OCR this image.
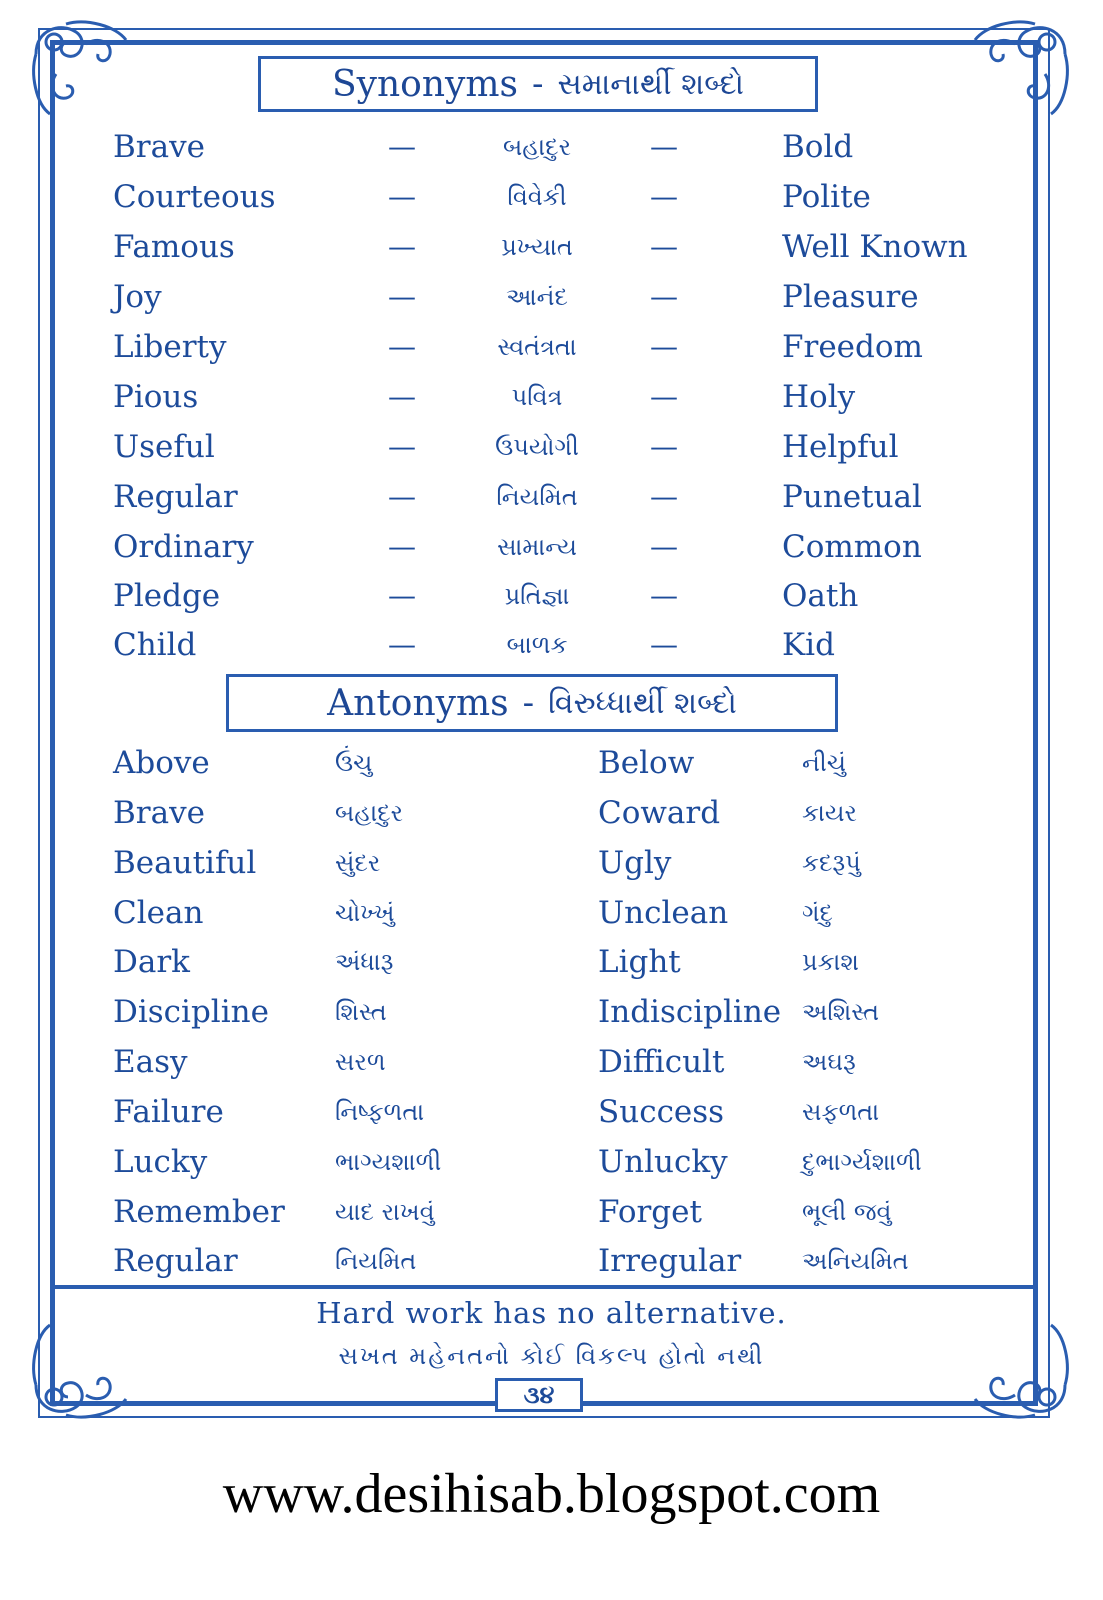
Synonyms - સમાનાર્થી શબ્દો
Brave	—	બહાદુર	—	Bold
Courteous	—	વિવેકી	—	Polite
Famous	—	પ્રખ્યાત	—	Well Known
Joy	—	આનંદ	—	Pleasure
Liberty	—	સ્વતંત્રતા	—	Freedom
Pious	—	પવિત્ર	—	Holy
Useful	—	ઉપયોગી	—	Helpful
Regular	—	નિયમિત	—	Punetual
Ordinary	—	સામાન્ય	—	Common
Pledge	—	પ્રતિજ્ઞા	—	Oath
Child	—	બાળક	—	Kid
Antonyms - વિરુધ્ધાર્થી શબ્દો
Above	ઉંચુ	Below	નીચું
Brave	બહાદુર	Coward	કાયર
Beautiful	સુંદર	Ugly	કદરૂપું
Clean	ચોખ્ખું	Unclean	ગંદુ
Dark	અંધારૂ	Light	પ્રકાશ
Discipline	શિસ્ત	Indiscipline અશિસ્ત
Easy	સરળ	Difficult	અઘરૂ
Failure	નિષ્ફળતા	Success	સફળતા
Lucky	ભાગ્યશાળી	Unlucky	દુભાર્ગ્યશાળી
Remember યાદ રાખવું	Forget	ભૂલી જવું
Regular	નિયમિત	Irregular	અનિયમિત
Hard work has no alternative.
સખત મહેનતનો કોઈ વિકલ્પ હોતો નથી
૩૪
www.desihisab.blogspot.com
